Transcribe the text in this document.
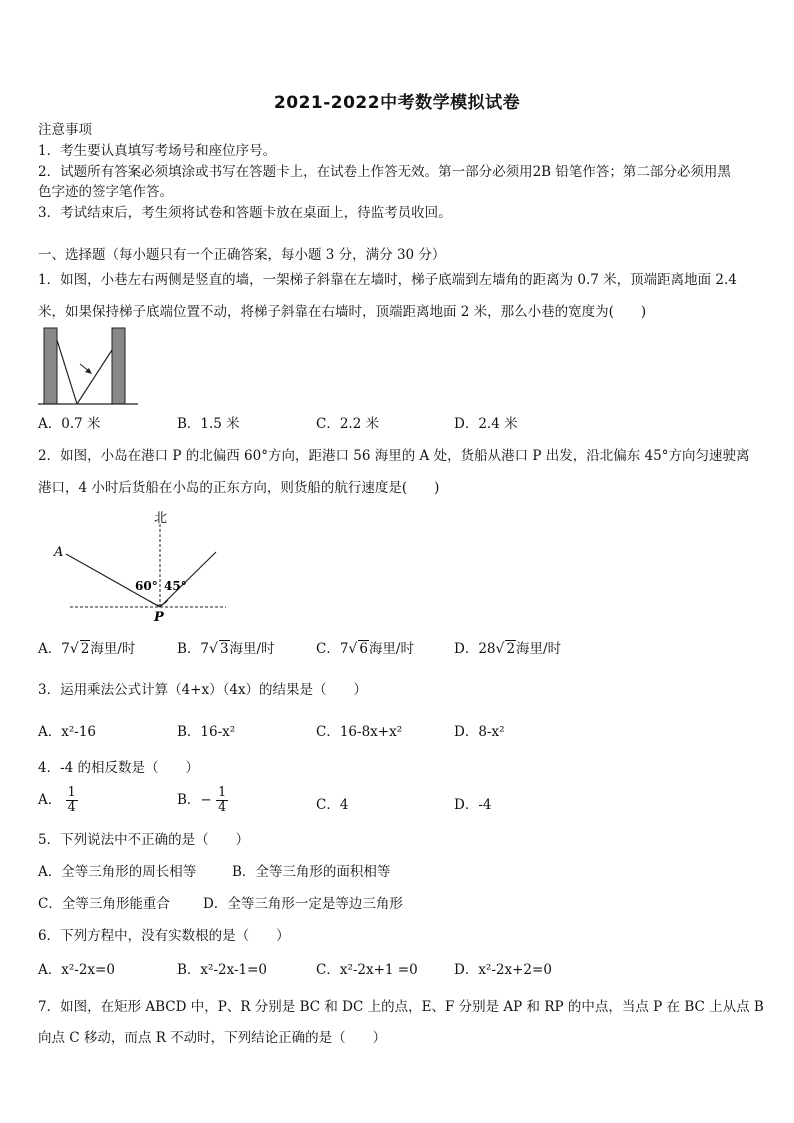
2021-2022中考数学模拟试卷
注意事项
1．考生要认真填写考场号和座位序号。
2．试题所有答案必须填涂或书写在答题卡上，在试卷上作答无效。第一部分必须用2B 铅笔作答；第二部分必须用黑
色字迹的签字笔作答。
3．考试结束后，考生须将试卷和答题卡放在桌面上，待监考员收回。
一、选择题（每小题只有一个正确答案，每小题 3 分，满分 30 分）
1．如图，小巷左右两侧是竖直的墙，一架梯子斜靠在左墙时，梯子底端到左墙角的距离为 0.7 米，顶端距离地面 2.4
米，如果保持梯子底端位置不动，将梯子斜靠在右墙时，顶端距离地面 2 米，那么小巷的宽度为(　　)
A．0.7 米	B．1.5 米	C．2.2 米	D．2.4 米
2．如图，小岛在港口 P 的北偏西 60°方向，距港口 56 海里的 A 处，货船从港口 P 出发，沿北偏东 45°方向匀速驶离
港口，4 小时后货船在小岛的正东方向，则货船的航行速度是(　　)
北
A
P
60° 45°
A．7√ 2海里/时	B．7√ 3海里/时	C．7√ 6海里/时	D．28√ 2海里/时
3．运用乘法公式计算（4+x）（4x）的结果是（　　）
A．x²-16	B．16-x²	C．16-8x+x²	D．8-x²
4．-4 的相反数是（　　）
A． $\frac{1}{4}$	B．− $\frac{1}{4}$	C．4	D．-4
5．下列说法中不正确的是（　　）
A．全等三角形的周长相等	B．全等三角形的面积相等
C．全等三角形能重合 D．全等三角形一定是等边三角形
6．下列方程中，没有实数根的是（　　）
A．x²-2x=0	B．x²-2x-1=0	C．x²-2x+1 =0	D．x²-2x+2=0
7．如图，在矩形 ABCD 中，P、R 分别是 BC 和 DC 上的点，E、F 分别是 AP 和 RP 的中点，当点 P 在 BC 上从点 B
向点 C 移动，而点 R 不动时，下列结论正确的是（　　）
